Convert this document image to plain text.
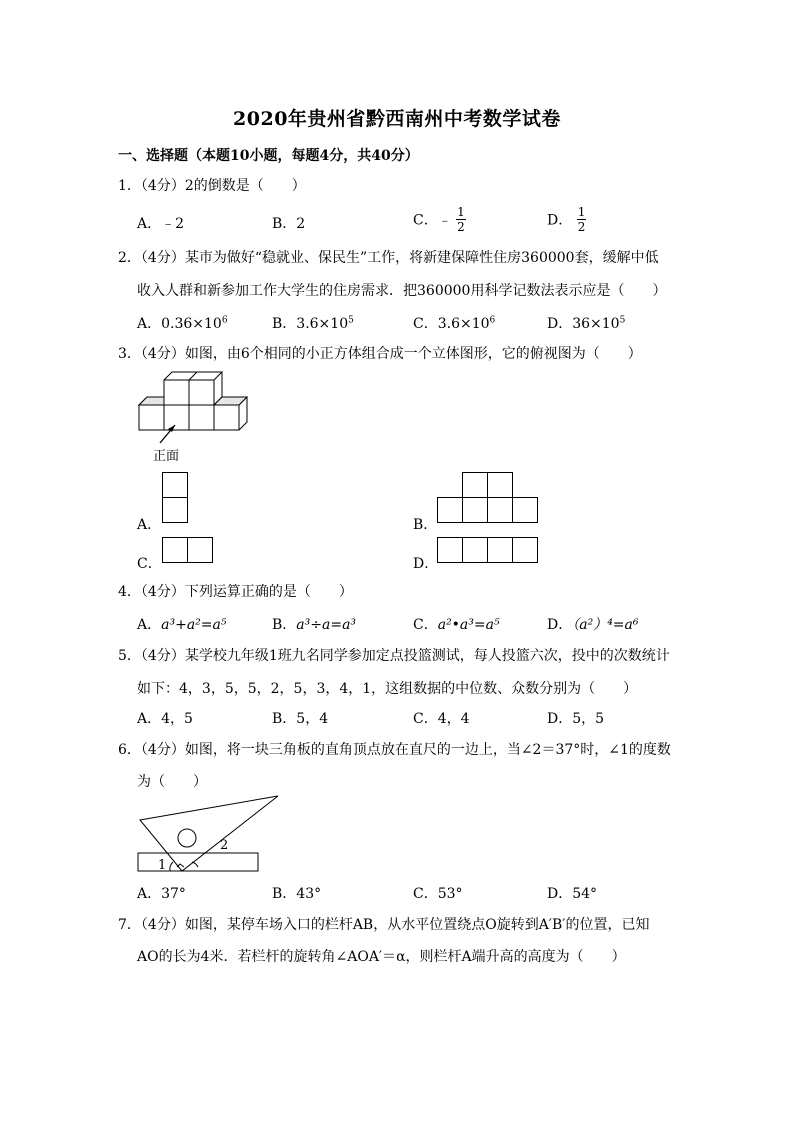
2020年贵州省黔西南州中考数学试卷
一、选择题（本题10小题，每题4分，共40分）
1．（4分）2的倒数是（　　）
A．﹣2	B．2	C．﹣ $\frac{1}{2}$	D． $\frac{1}{2}$
2．（4分）某市为做好“稳就业、保民生”工作，将新建保障性住房360000套，缓解中低
收入人群和新参加工作大学生的住房需求．把360000用科学记数法表示应是（　　）
A．$0.36\times 10^6$	B．$3.6\times 10^5$	C．$3.6\times 10^6$	D．$36\times 10^5$
3．（4分）如图，由6个相同的小正方体组合成一个立体图形，它的俯视图为（　　）
正面
A．	B．
C．	D．
4．（4分）下列运算正确的是（　　）
A．a³+a²=a⁵	B．a³÷a=a³	C．a²•a³=a⁵	D．（a²）⁴=a⁶
5．（4分）某学校九年级1班九名同学参加定点投篮测试，每人投篮六次，投中的次数统计
如下：4，3，5，5，2，5，3，4，1，这组数据的中位数、众数分别为（　　）
A．4，5	B．5，4	C．4，4	D．5，5
6．（4分）如图，将一块三角板的直角顶点放在直尺的一边上，当∠2＝37°时，∠1的度数
为（　　）
1
2
A．37°	B．43°	C．53°	D．54°
7．（4分）如图，某停车场入口的栏杆AB，从水平位置绕点O旋转到A′B′的位置，已知
AO的长为4米．若栏杆的旋转角∠AOA′＝α，则栏杆A端升高的高度为（　　）
